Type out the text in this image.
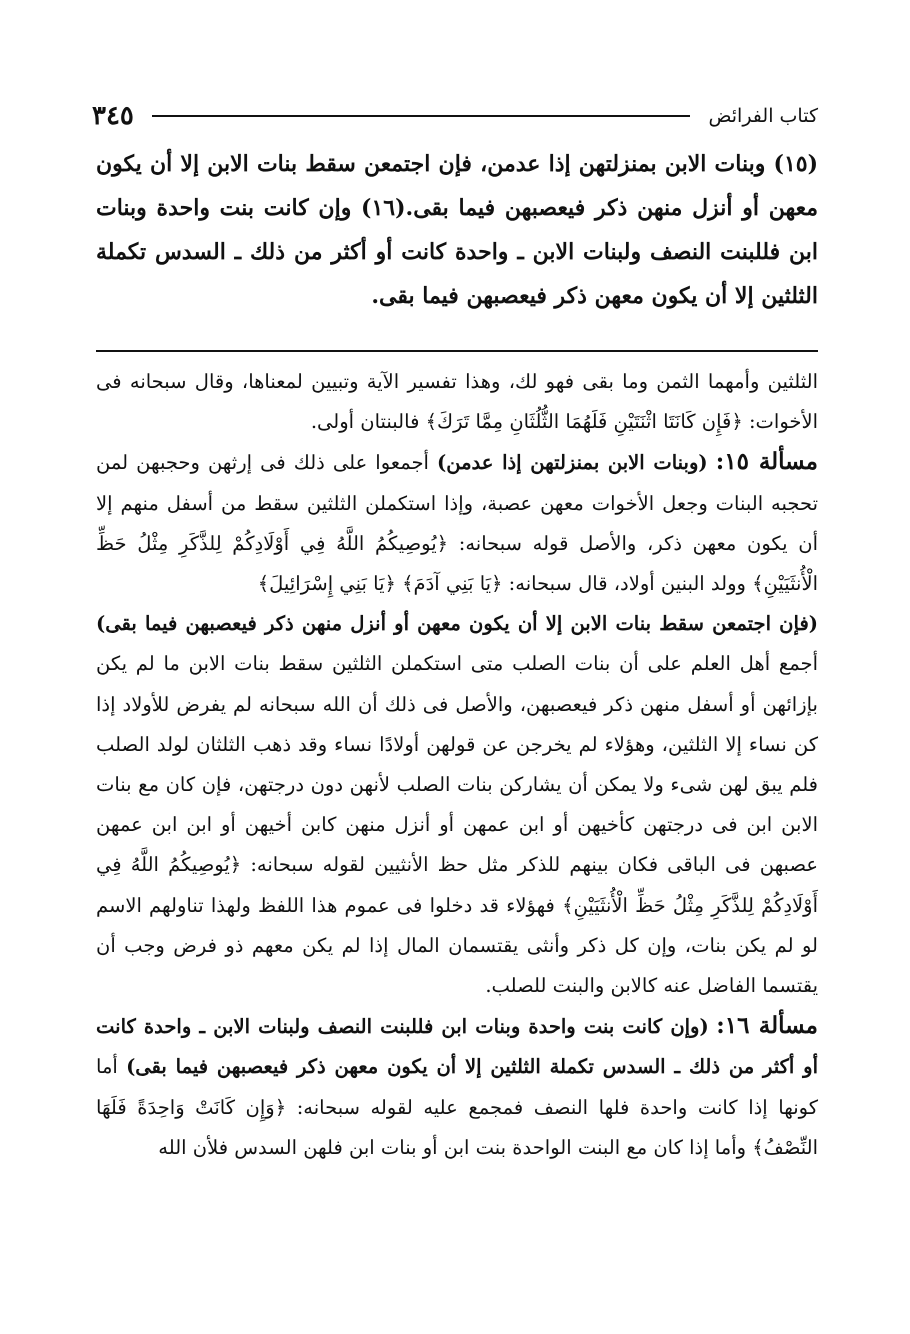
كتاب الفرائض
٣٤٥

(١٥) وبنات الابن بمنزلتهن إذا عدمن، فإن اجتمعن سقط بنات الابن إلا أن يكون معهن أو أنزل منهن ذكر فيعصبهن فيما بقى.(١٦) وإن كانت بنت واحدة وبنات ابن فللبنت النصف ولبنات الابن ـ واحدة كانت أو أكثر من ذلك ـ السدس تكملة الثلثين إلا أن يكون معهن ذكر فيعصبهن فيما بقى.

الثلثين وأمهما الثمن وما بقى فهو لك، وهذا تفسير الآية وتبيين لمعناها، وقال سبحانه فى الأخوات: ﴿فَإِن كَانَتَا اثْنَتَيْنِ فَلَهُمَا الثُّلُثَانِ مِمَّا تَرَكَ﴾ فالبنتان أولى.

مسألة ١٥: (وبنات الابن بمنزلتهن إذا عدمن) أجمعوا على ذلك فى إرثهن وحجبهن لمن تحجبه البنات وجعل الأخوات معهن عصبة، وإذا استكملن الثلثين سقط من أسفل منهم إلا أن يكون معهن ذكر، والأصل قوله سبحانه: ﴿يُوصِيكُمُ اللَّهُ فِي أَوْلَادِكُمْ لِلذَّكَرِ مِثْلُ حَظِّ الْأُنثَيَيْنِ﴾ وولد البنين أولاد، قال سبحانه: ﴿يَا بَنِي آدَمَ﴾ ﴿يَا بَنِي إِسْرَائِيلَ﴾

(فإن اجتمعن سقط بنات الابن إلا أن يكون معهن أو أنزل منهن ذكر فيعصبهن فيما بقى) أجمع أهل العلم على أن بنات الصلب متى استكملن الثلثين سقط بنات الابن ما لم يكن بإزائهن أو أسفل منهن ذكر فيعصبهن، والأصل فى ذلك أن الله سبحانه لم يفرض للأولاد إذا كن نساء إلا الثلثين، وهؤلاء لم يخرجن عن قولهن أولادًا نساء وقد ذهب الثلثان لولد الصلب فلم يبق لهن شىء ولا يمكن أن يشاركن بنات الصلب لأنهن دون درجتهن، فإن كان مع بنات الابن ابن فى درجتهن كأخيهن أو ابن عمهن أو أنزل منهن كابن أخيهن أو ابن ابن عمهن عصبهن فى الباقى فكان بينهم للذكر مثل حظ الأنثيين لقوله سبحانه: ﴿يُوصِيكُمُ اللَّهُ فِي أَوْلَادِكُمْ لِلذَّكَرِ مِثْلُ حَظِّ الْأُنثَيَيْنِ﴾ فهؤلاء قد دخلوا فى عموم هذا اللفظ ولهذا تناولهم الاسم لو لم يكن بنات، وإن كل ذكر وأنثى يقتسمان المال إذا لم يكن معهم ذو فرض وجب أن يقتسما الفاضل عنه كالابن والبنت للصلب.

مسألة ١٦: (وإن كانت بنت واحدة وبنات ابن فللبنت النصف ولبنات الابن ـ واحدة كانت أو أكثر من ذلك ـ السدس تكملة الثلثين إلا أن يكون معهن ذكر فيعصبهن فيما بقى) أما كونها إذا كانت واحدة فلها النصف فمجمع عليه لقوله سبحانه: ﴿وَإِن كَانَتْ وَاحِدَةً فَلَهَا النِّصْفُ﴾ وأما إذا كان مع البنت الواحدة بنت ابن أو بنات ابن فلهن السدس فلأن الله
